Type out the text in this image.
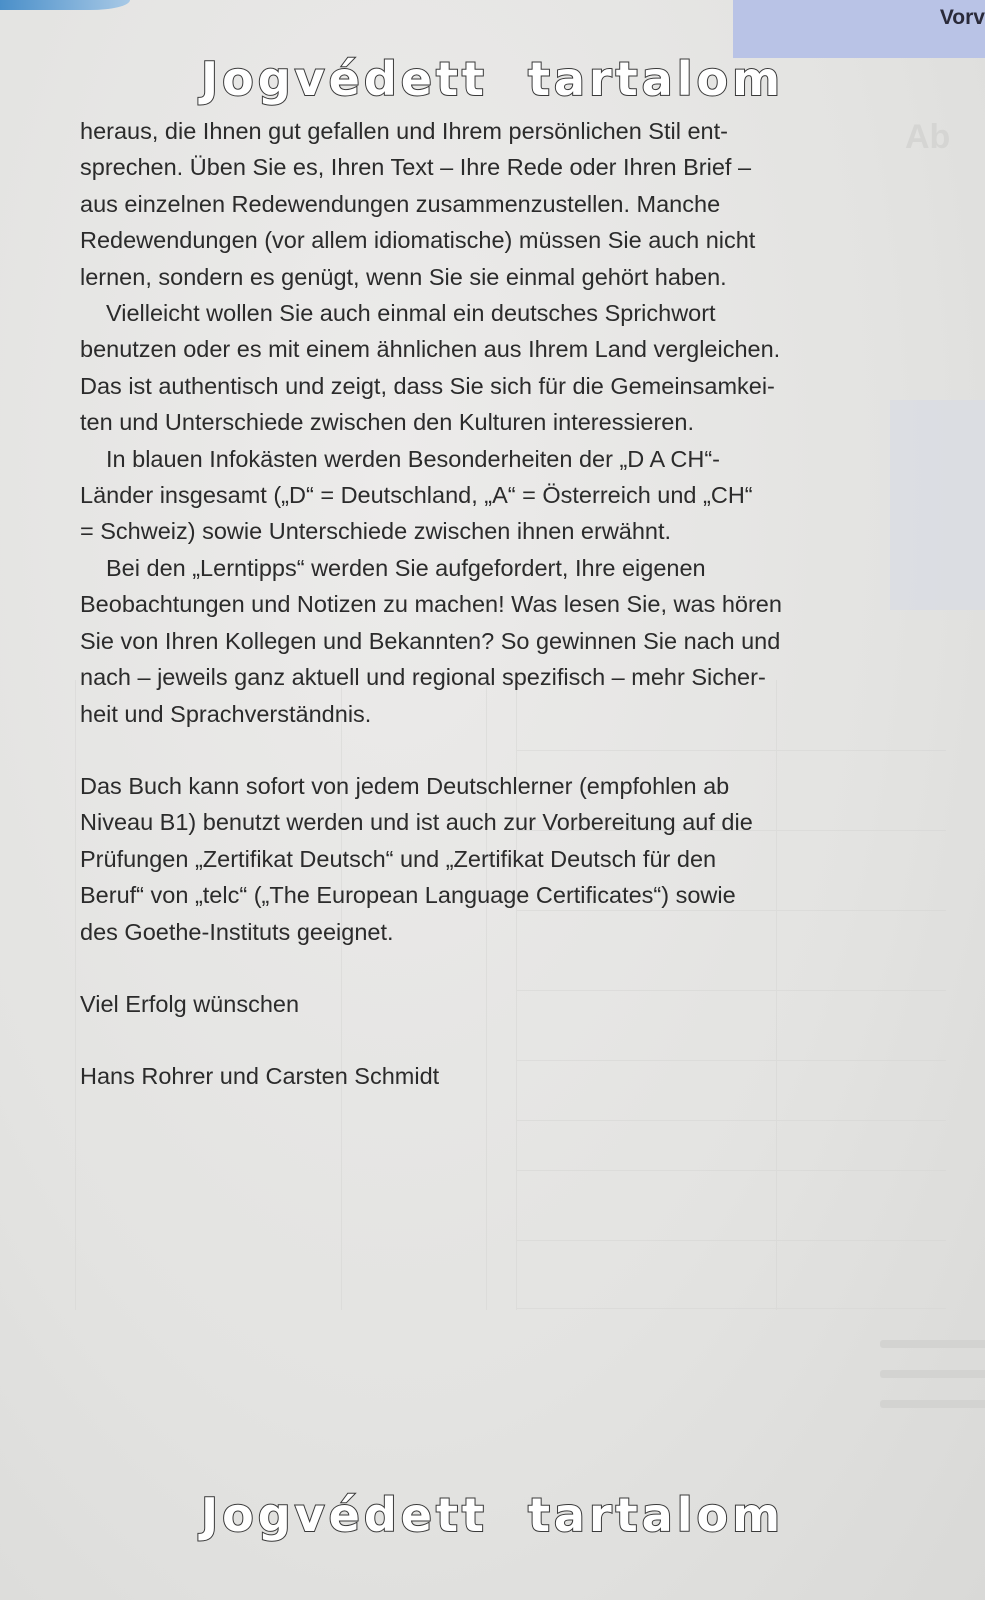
Vorv
Ab
Jogvédett  tartalom

heraus, die Ihnen gut gefallen und Ihrem persönlichen Stil ent-
sprechen. Üben Sie es, Ihren Text – Ihre Rede oder Ihren Brief –
aus einzelnen Redewendungen zusammenzustellen. Manche
Redewendungen (vor allem idiomatische) müssen Sie auch nicht
lernen, sondern es genügt, wenn Sie sie einmal gehört haben.

Vielleicht wollen Sie auch einmal ein deutsches Sprichwort
benutzen oder es mit einem ähnlichen aus Ihrem Land vergleichen.
Das ist authentisch und zeigt, dass Sie sich für die Gemeinsamkei-
ten und Unterschiede zwischen den Kulturen interessieren.

In blauen Infokästen werden Besonderheiten der „D A CH“-
Länder insgesamt („D“ = Deutschland, „A“ = Österreich und „CH“
= Schweiz) sowie Unterschiede zwischen ihnen erwähnt.

Bei den „Lerntipps“ werden Sie aufgefordert, Ihre eigenen
Beobachtungen und Notizen zu machen! Was lesen Sie, was hören
Sie von Ihren Kollegen und Bekannten? So gewinnen Sie nach und
nach – jeweils ganz aktuell und regional spezifisch – mehr Sicher-
heit und Sprachverständnis.

Das Buch kann sofort von jedem Deutschlerner (empfohlen ab
Niveau B1) benutzt werden und ist auch zur Vorbereitung auf die
Prüfungen „Zertifikat Deutsch“ und „Zertifikat Deutsch für den
Beruf“ von „telc“ („The European Language Certificates“) sowie
des Goethe-Instituts geeignet.

Viel Erfolg wünschen

Hans Rohrer und Carsten Schmidt

Jogvédett  tartalom
